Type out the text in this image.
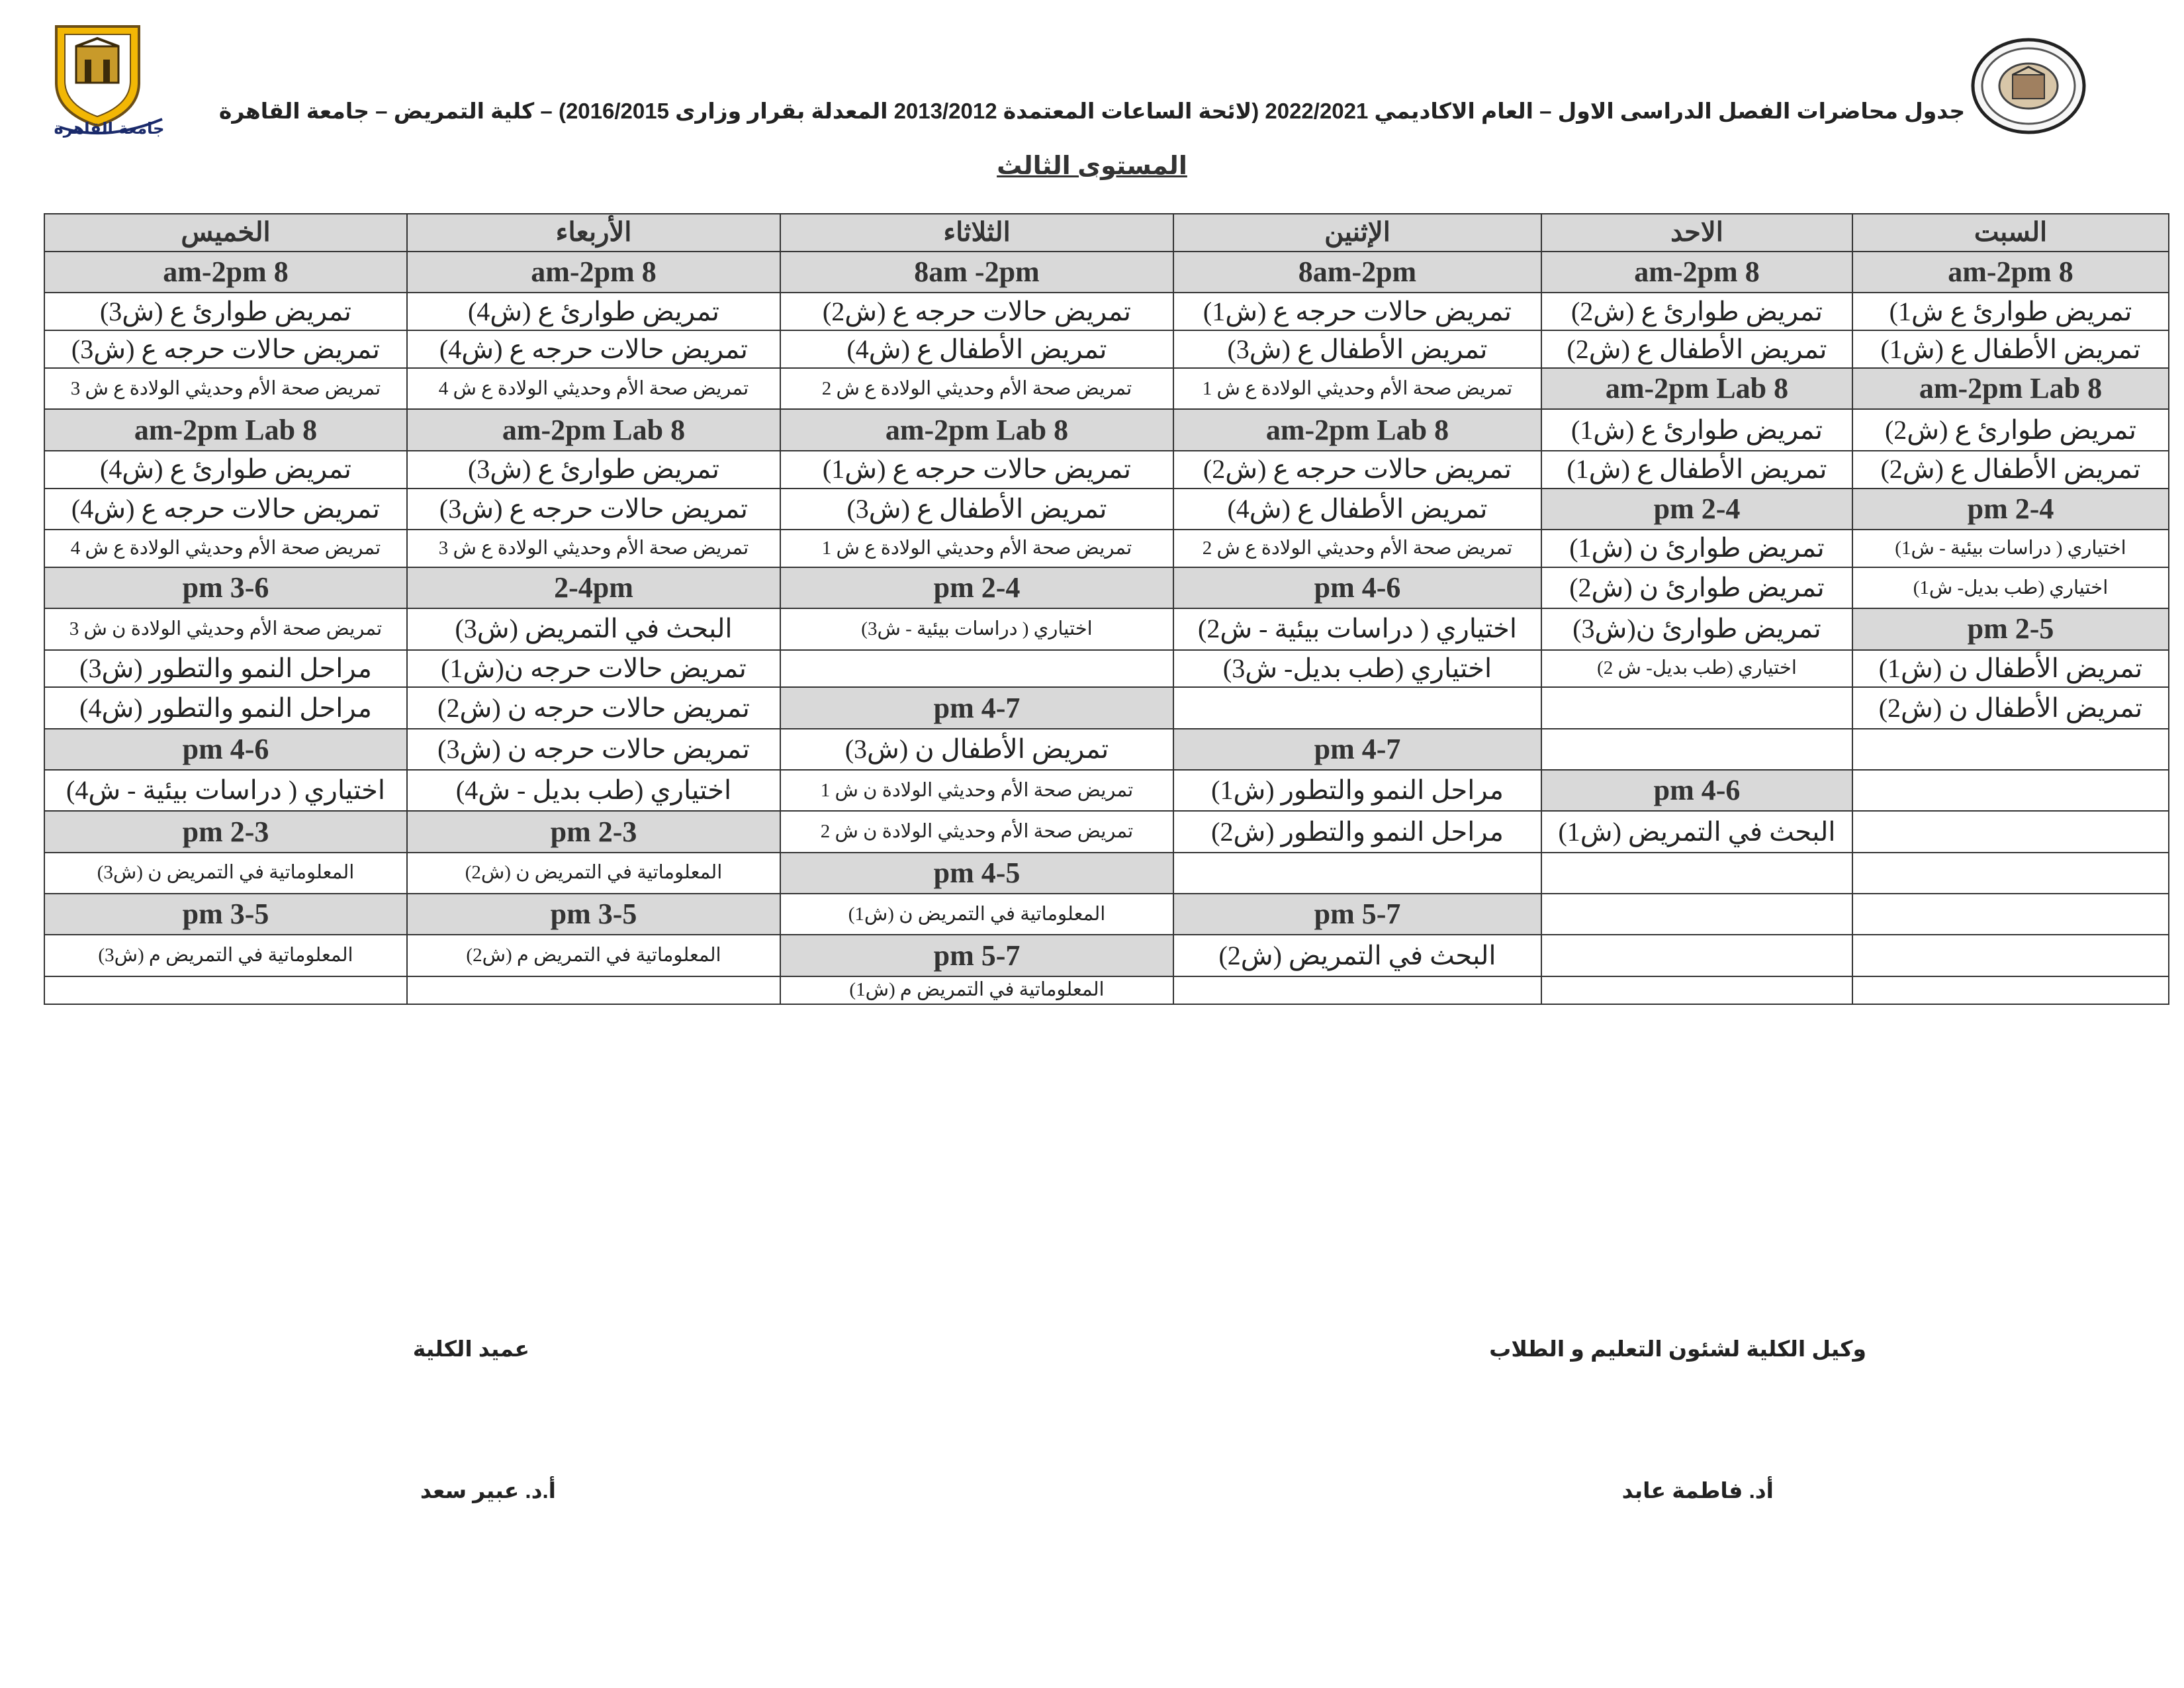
جامعة القاهرة
جدول محاضرات الفصل الدراسى الاول – العام الاكاديمي 2022/2021 (لائحة الساعات المعتمدة 2013/2012 المعدلة بقرار وزارى 2016/2015) – كلية التمريض – جامعة القاهرة
المستوى الثالث
السبت	الاحد	الإثنين	الثلاثاء	الأربعاء	الخميس
8 am-2pm	8 am-2pm	8am-2pm	8am -2pm	8 am-2pm	8 am-2pm
تمريض طوارئ ع ش1)	تمريض طوارئ ع (ش2)	تمريض حالات حرجه ع (ش1)	تمريض حالات حرجه ع (ش2)	تمريض طوارئ ع (ش4)	تمريض طوارئ ع (ش3)
تمريض الأطفال ع (ش1)	تمريض الأطفال ع (ش2)	تمريض الأطفال ع (ش3)	تمريض الأطفال ع (ش4)	تمريض حالات حرجه ع (ش4)	تمريض حالات حرجه ع (ش3)
8 am-2pm Lab	8 am-2pm Lab	تمريض صحة الأم وحديثي الولادة ع ش 1	تمريض صحة الأم وحديثي الولادة ع ش 2	تمريض صحة الأم وحديثي الولادة ع ش 4	تمريض صحة الأم وحديثي الولادة ع ش 3
تمريض طوارئ ع (ش2)	تمريض طوارئ ع (ش1)	8 am-2pm Lab	8 am-2pm Lab	8 am-2pm Lab	8 am-2pm Lab
تمريض الأطفال ع (ش2)	تمريض الأطفال ع (ش1)	تمريض حالات حرجه ع (ش2)	تمريض حالات حرجه ع (ش1)	تمريض طوارئ ع (ش3)	تمريض طوارئ ع (ش4)
2-4 pm	2-4 pm	تمريض الأطفال ع (ش4)	تمريض الأطفال ع (ش3)	تمريض حالات حرجه ع (ش3)	تمريض حالات حرجه ع (ش4)
اختياري ( دراسات بيئية - ش1)	تمريض طوارئ ن (ش1)	تمريض صحة الأم وحديثي الولادة ع ش 2	تمريض صحة الأم وحديثي الولادة ع ش 1	تمريض صحة الأم وحديثي الولادة ع ش 3	تمريض صحة الأم وحديثي الولادة ع ش 4
اختياري (طب بديل- ش1)	تمريض طوارئ ن (ش2)	4-6 pm	2-4 pm	2-4pm	3-6 pm
2-5 pm	تمريض طوارئ ن(ش3)	اختياري ( دراسات بيئية - ش2)	اختياري ( دراسات بيئية - ش3)	البحث في التمريض (ش3)	تمريض صحة الأم وحديثي الولادة ن ش 3
تمريض الأطفال ن (ش1)	اختياري (طب بديل- ش 2)	اختياري (طب بديل- ش3)		تمريض حالات حرجه ن(ش1)	مراحل النمو والتطور (ش3)
تمريض الأطفال ن (ش2)			4-7 pm	تمريض حالات حرجه ن (ش2)	مراحل النمو والتطور (ش4)
		4-7 pm	تمريض الأطفال ن (ش3)	تمريض حالات حرجه ن (ش3)	4-6 pm
	4-6 pm	مراحل النمو والتطور (ش1)	تمريض صحة الأم وحديثي الولادة ن ش 1	اختياري (طب بديل - ش4)	اختياري ( دراسات بيئية - ش4)
	البحث في التمريض (ش1)	مراحل النمو والتطور (ش2)	تمريض صحة الأم وحديثي الولادة ن ش 2	2-3 pm	2-3 pm
			4-5 pm	المعلوماتية في التمريض ن (ش2)	المعلوماتية في التمريض ن (ش3)
		5-7 pm	المعلوماتية في التمريض ن (ش1)	3-5 pm	3-5 pm
		البحث في التمريض (ش2)	5-7 pm	المعلوماتية في التمريض م (ش2)	المعلوماتية في التمريض م (ش3)
			المعلوماتية في التمريض م (ش1)		
وكيل الكلية لشئون التعليم و الطلاب
أد. فاطمة عابد
عميد الكلية
أ.د. عبير سعد
